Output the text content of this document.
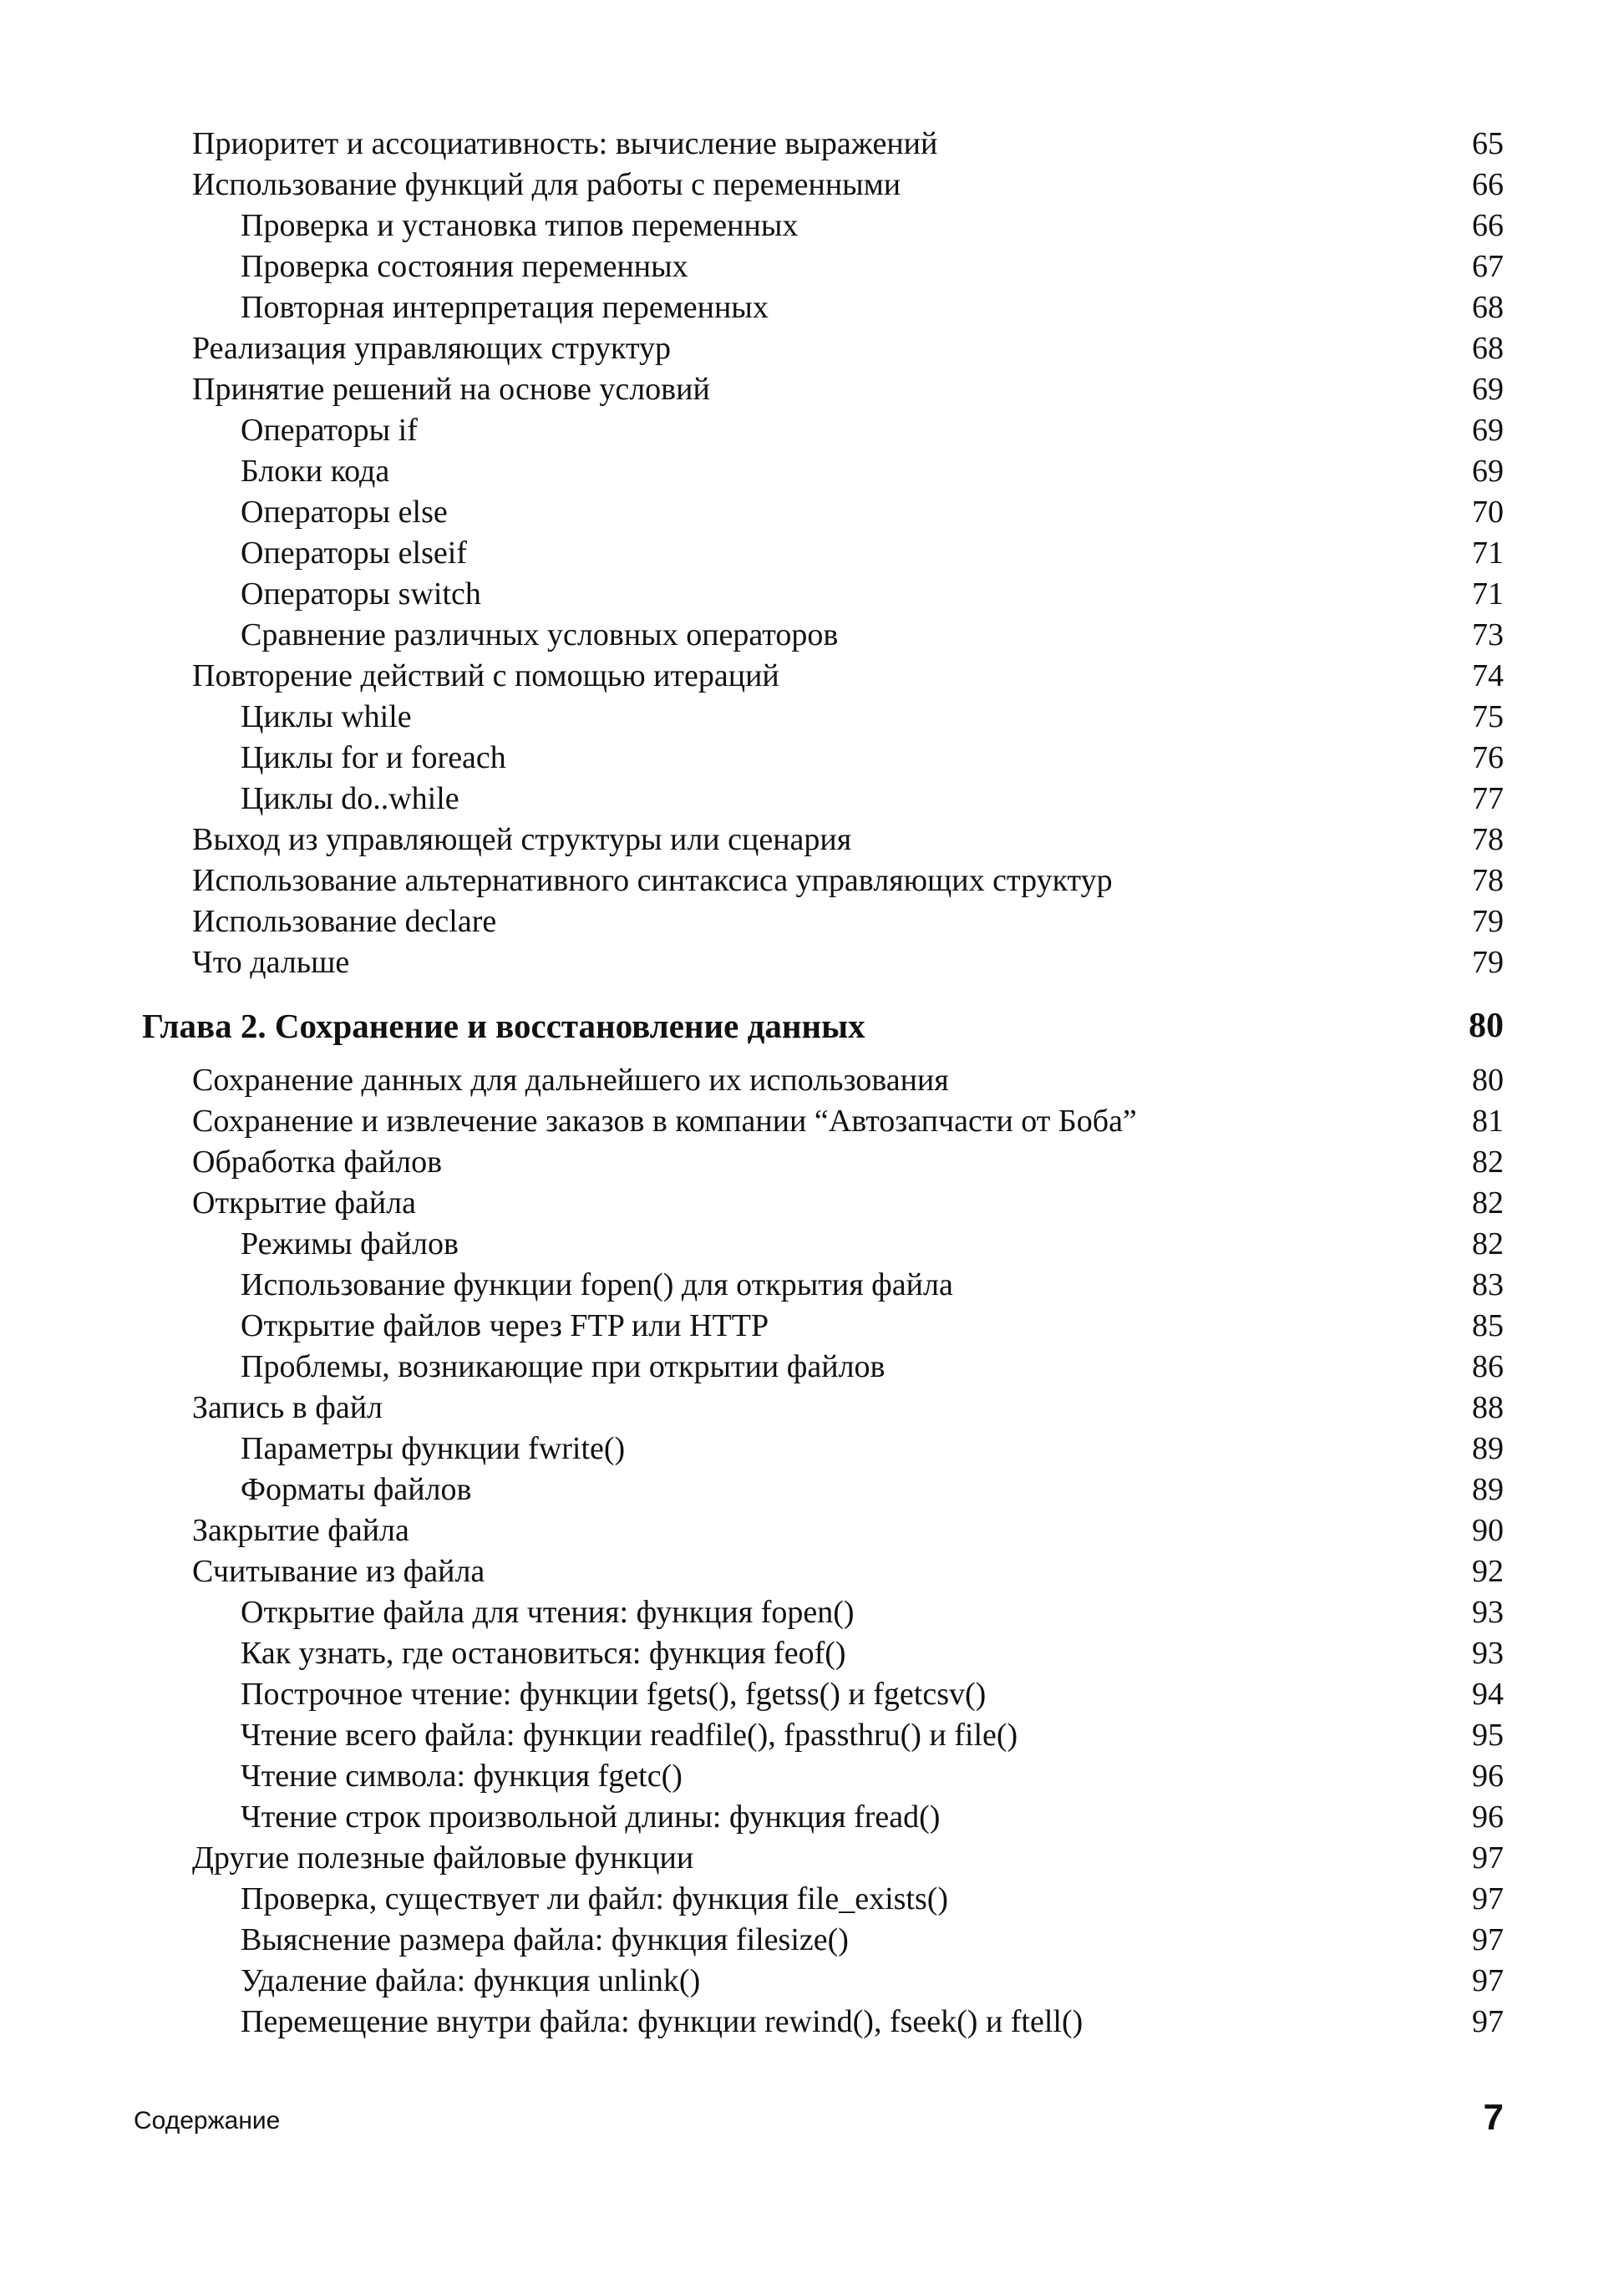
Приоритет и ассоциативность: вычисление выражений	65
Использование функций для работы с переменными	66
Проверка и установка типов переменных	66
Проверка состояния переменных	67
Повторная интерпретация переменных	68
Реализация управляющих структур	68
Принятие решений на основе условий	69
Операторы if	69
Блоки кода	69
Операторы else	70
Операторы elseif	71
Операторы switch	71
Сравнение различных условных операторов	73
Повторение действий с помощью итераций	74
Циклы while	75
Циклы for и foreach	76
Циклы do..while	77
Выход из управляющей структуры или сценария	78
Использование альтернативного синтаксиса управляющих структур	78
Использование declare	79
Что дальше	79
Глава 2. Сохранение и восстановление данных	80
Сохранение данных для дальнейшего их использования	80
Сохранение и извлечение заказов в компании “Автозапчасти от Боба”	81
Обработка файлов	82
Открытие файла	82
Режимы файлов	82
Использование функции fopen() для открытия файла	83
Открытие файлов через FTP или HTTP	85
Проблемы, возникающие при открытии файлов	86
Запись в файл	88
Параметры функции fwrite()	89
Форматы файлов	89
Закрытие файла	90
Считывание из файла	92
Открытие файла для чтения: функция fopen()	93
Как узнать, где остановиться: функция feof()	93
Построчное чтение: функции fgets(), fgetss() и fgetcsv()	94
Чтение всего файла: функции readfile(), fpassthru() и file()	95
Чтение символа: функция fgetc()	96
Чтение строк произвольной длины: функция fread()	96
Другие полезные файловые функции	97
Проверка, существует ли файл: функция file_exists()	97
Выяснение размера файла: функция filesize()	97
Удаление файла: функция unlink()	97
Перемещение внутри файла: функции rewind(), fseek() и ftell()	97
Содержание	7
